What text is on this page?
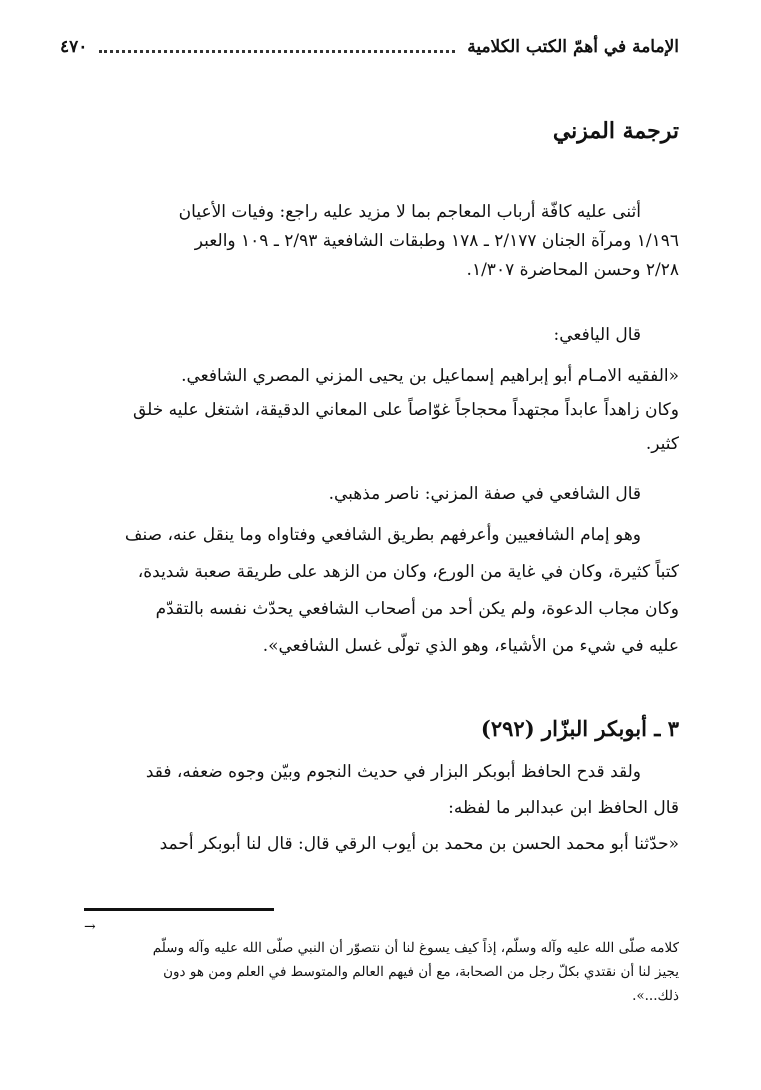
الإمامة في أهمّ الكتب الكلامية
٤٧٠
ترجمة المزني
أثنى عليه كافّة أرباب المعاجم بما لا مزيد عليه راجع: وفيات الأعيان
١/١٩٦ ومرآة الجنان ٢/١٧٧ ـ ١٧٨ وطبقات الشافعية ٢/٩٣ ـ ١٠٩ والعبر
٢/٢٨ وحسن المحاضرة ١/٣٠٧.
قال اليافعي:
«الفقيه الامـام أبو إبراهيم إسماعيل بن يحيى المزني المصري الشافعي.
وكان زاهداً عابداً مجتهداً محجاجاً غوّاصاً على المعاني الدقيقة، اشتغل عليه خلق
كثير.
قال الشافعي في صفة المزني: ناصر مذهبي.
وهو إمام الشافعيين وأعرفهم بطريق الشافعي وفتاواه وما ينقل عنه، صنف
كتباً كثيرة، وكان في غاية من الورع، وكان من الزهد على طريقة صعبة شديدة،
وكان مجاب الدعوة، ولم يكن أحد من أصحاب الشافعي يحدّث نفسه بالتقدّم
عليه في شيء من الأشياء، وهو الذي تولّى غسل الشافعي».
٣ ـ أبوبكر البزّار (٢٩٢)
ولقد قدح الحافظ أبوبكر البزار في حديث النجوم وبيّن وجوه ضعفه، فقد
قال الحافظ ابن عبدالبر ما لفظه:
«حدّثنا أبو محمد الحسن بن محمد بن أيوب الرقي قال: قال لنا أبوبكر أحمد
→
كلامه صلّى الله عليه وآله وسلّم، إذاً كيف يسوغ لنا أن نتصوّر أن النبي صلّى الله عليه وآله وسلّم
يجيز لنا أن نقتدي بكلّ رجل من الصحابة، مع أن فيهم العالم والمتوسط في العلم ومن هو دون
ذلك...».
